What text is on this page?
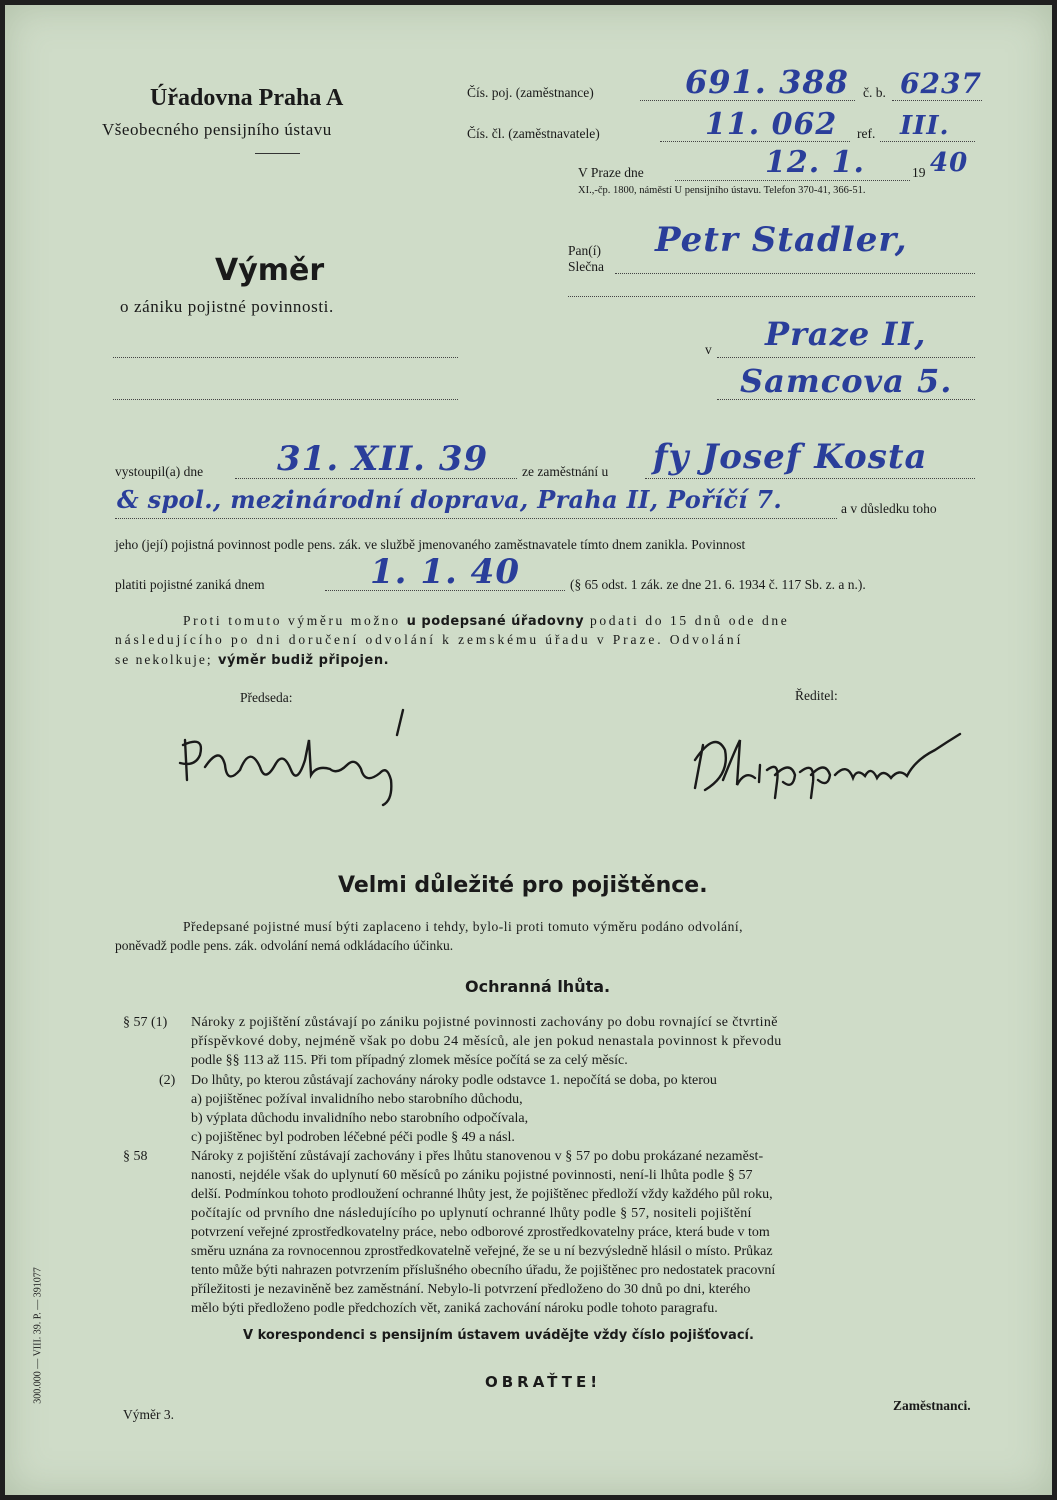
Úřadovna Praha A
Všeobecného pensijního ústavu
Čís. poj. (zaměstnance)	691. 388 č. b. 6237
Čís. čl. (zaměstnavatele)	11. 062 ref. III.
V Praze dne	12. 1.	19 40
XI.,-čp. 1800, náměstí U pensijního ústavu. Telefon 370-41, 366-51.
Výměr
o zániku pojistné povinnosti.
Pan(í)
Slečna
Petr Stadler,
v Praze II,
Samcova 5.
vystoupil(a) dne 31. XII. 39	ze zaměstnání u fy Josef Kosta
& spol., mezinárodní doprava, Praha II, Poříčí 7.	a v důsledku toho
jeho (její) pojistná povinnost podle pens. zák. ve službě jmenovaného zaměstnavatele tímto dnem zanikla. Povinnost
platiti pojistné zaniká dnem	1. 1. 40	(§ 65 odst. 1 zák. ze dne 21. 6. 1934 č. 117 Sb. z. a n.).
Proti tomuto výměru možno u podepsané úřadovny podati do 15 dnů ode dne
následujícího po dni doručení odvolání k zemskému úřadu v Praze. Odvolání
se nekolkuje; výměr budiž připojen.
Předseda:	Ředitel:
Velmi důležité pro pojištěnce.
Předepsané pojistné musí býti zaplaceno i tehdy, bylo-li proti tomuto výměru podáno odvolání,
poněvadž podle pens. zák. odvolání nemá odkládacího účinku.
Ochranná lhůta.
§ 57 (1) Nároky z pojištění zůstávají po zániku pojistné povinnosti zachovány po dobu rovnající se čtvrtině
příspěvkové doby, nejméně však po dobu 24 měsíců, ale jen pokud nenastala povinnost k převodu
podle §§ 113 až 115. Při tom případný zlomek měsíce počítá se za celý měsíc.
(2) Do lhůty, po kterou zůstávají zachovány nároky podle odstavce 1. nepočítá se doba, po kterou
a) pojištěnec požíval invalidního nebo starobního důchodu,
b) výplata důchodu invalidního nebo starobního odpočívala,
c) pojištěnec byl podroben léčebné péči podle § 49 a násl.
§ 58	Nároky z pojištění zůstávají zachovány i přes lhůtu stanovenou v § 57 po dobu prokázané nezaměst-
nanosti, nejdéle však do uplynutí 60 měsíců po zániku pojistné povinnosti, není-li lhůta podle § 57
delší. Podmínkou tohoto prodloužení ochranné lhůty jest, že pojištěnec předloží vždy každého půl roku,
počítajíc od prvního dne následujícího po uplynutí ochranné lhůty podle § 57, nositeli pojištění
potvrzení veřejné zprostředkovatelny práce, nebo odborové zprostředkovatelny práce, která bude v tom
směru uznána za rovnocennou zprostředkovatelně veřejné, že se u ní bezvýsledně hlásil o místo. Průkaz
tento může býti nahrazen potvrzením příslušného obecního úřadu, že pojištěnec pro nedostatek pracovní
příležitosti je nezaviněně bez zaměstnání. Nebylo-li potvrzení předloženo do 30 dnů po dni, kterého
mělo býti předloženo podle předchozích vět, zaniká zachování nároku podle tohoto paragrafu.
V korespondenci s pensijním ústavem uvádějte vždy číslo pojišťovací.
OBRAŤTE!
300.000 — VIII. 39. P. — 391077
Výměr 3.
Zaměstnanci.
